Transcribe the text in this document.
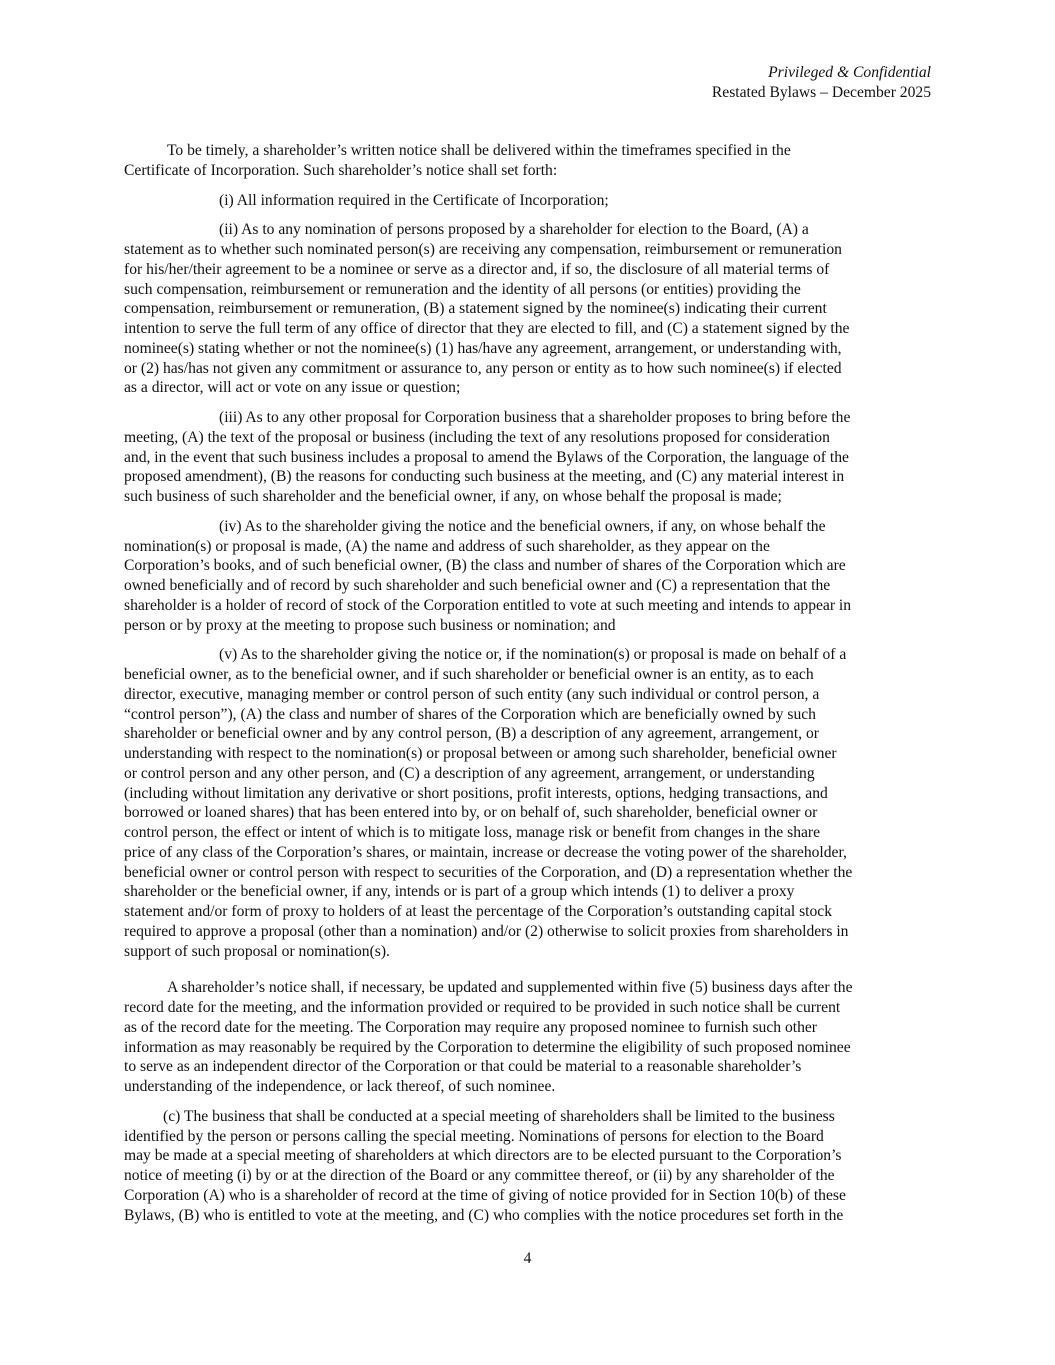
Privileged & Confidential
Restated Bylaws – December 2025
To be timely, a shareholder’s written notice shall be delivered within the timeframes specified in the
Certificate of Incorporation. Such shareholder’s notice shall set forth:
(i) All information required in the Certificate of Incorporation;
(ii) As to any nomination of persons proposed by a shareholder for election to the Board, (A) a
statement as to whether such nominated person(s) are receiving any compensation, reimbursement or remuneration
for his/her/their agreement to be a nominee or serve as a director and, if so, the disclosure of all material terms of
such compensation, reimbursement or remuneration and the identity of all persons (or entities) providing the
compensation, reimbursement or remuneration, (B) a statement signed by the nominee(s) indicating their current
intention to serve the full term of any office of director that they are elected to fill, and (C) a statement signed by the
nominee(s) stating whether or not the nominee(s) (1) has/have any agreement, arrangement, or understanding with,
or (2) has/has not given any commitment or assurance to, any person or entity as to how such nominee(s) if elected
as a director, will act or vote on any issue or question;
(iii) As to any other proposal for Corporation business that a shareholder proposes to bring before the
meeting, (A) the text of the proposal or business (including the text of any resolutions proposed for consideration
and, in the event that such business includes a proposal to amend the Bylaws of the Corporation, the language of the
proposed amendment), (B) the reasons for conducting such business at the meeting, and (C) any material interest in
such business of such shareholder and the beneficial owner, if any, on whose behalf the proposal is made;
(iv) As to the shareholder giving the notice and the beneficial owners, if any, on whose behalf the
nomination(s) or proposal is made, (A) the name and address of such shareholder, as they appear on the
Corporation’s books, and of such beneficial owner, (B) the class and number of shares of the Corporation which are
owned beneficially and of record by such shareholder and such beneficial owner and (C) a representation that the
shareholder is a holder of record of stock of the Corporation entitled to vote at such meeting and intends to appear in
person or by proxy at the meeting to propose such business or nomination; and
(v) As to the shareholder giving the notice or, if the nomination(s) or proposal is made on behalf of a
beneficial owner, as to the beneficial owner, and if such shareholder or beneficial owner is an entity, as to each
director, executive, managing member or control person of such entity (any such individual or control person, a
“control person”), (A) the class and number of shares of the Corporation which are beneficially owned by such
shareholder or beneficial owner and by any control person, (B) a description of any agreement, arrangement, or
understanding with respect to the nomination(s) or proposal between or among such shareholder, beneficial owner
or control person and any other person, and (C) a description of any agreement, arrangement, or understanding
(including without limitation any derivative or short positions, profit interests, options, hedging transactions, and
borrowed or loaned shares) that has been entered into by, or on behalf of, such shareholder, beneficial owner or
control person, the effect or intent of which is to mitigate loss, manage risk or benefit from changes in the share
price of any class of the Corporation’s shares, or maintain, increase or decrease the voting power of the shareholder,
beneficial owner or control person with respect to securities of the Corporation, and (D) a representation whether the
shareholder or the beneficial owner, if any, intends or is part of a group which intends (1) to deliver a proxy
statement and/or form of proxy to holders of at least the percentage of the Corporation’s outstanding capital stock
required to approve a proposal (other than a nomination) and/or (2) otherwise to solicit proxies from shareholders in
support of such proposal or nomination(s).
A shareholder’s notice shall, if necessary, be updated and supplemented within five (5) business days after the
record date for the meeting, and the information provided or required to be provided in such notice shall be current
as of the record date for the meeting. The Corporation may require any proposed nominee to furnish such other
information as may reasonably be required by the Corporation to determine the eligibility of such proposed nominee
to serve as an independent director of the Corporation or that could be material to a reasonable shareholder’s
understanding of the independence, or lack thereof, of such nominee.
(c) The business that shall be conducted at a special meeting of shareholders shall be limited to the business
identified by the person or persons calling the special meeting. Nominations of persons for election to the Board
may be made at a special meeting of shareholders at which directors are to be elected pursuant to the Corporation’s
notice of meeting (i) by or at the direction of the Board or any committee thereof, or (ii) by any shareholder of the
Corporation (A) who is a shareholder of record at the time of giving of notice provided for in Section 10(b) of these
Bylaws, (B) who is entitled to vote at the meeting, and (C) who complies with the notice procedures set forth in the
4
